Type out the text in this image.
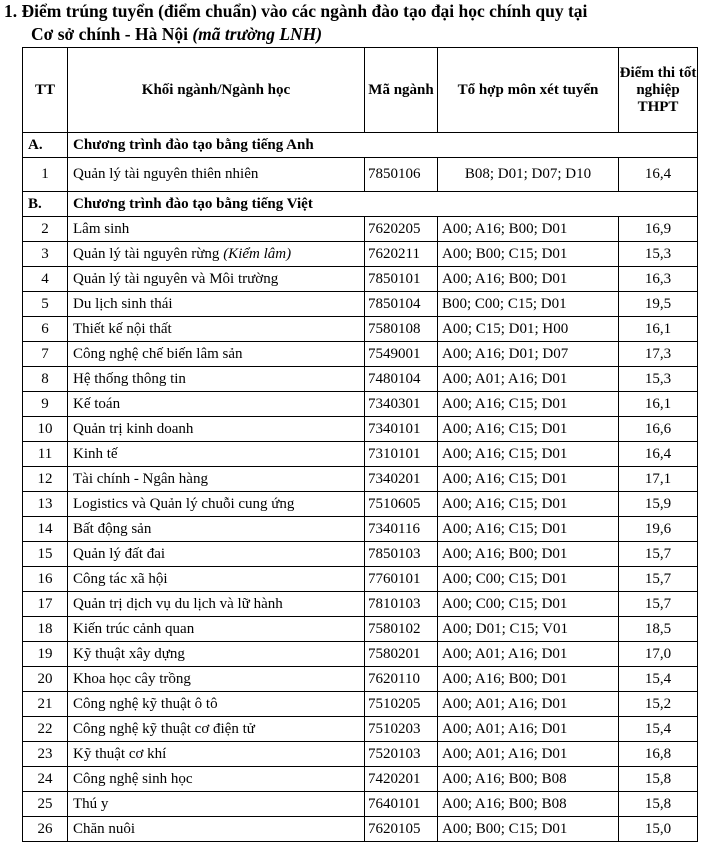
1. Điểm trúng tuyển (điểm chuẩn) vào các ngành đào tạo đại học chính quy tại
Cơ sở chính - Hà Nội (mã trường LNH)
TT	Khối ngành/Ngành học	Mã ngành	Tổ hợp môn xét tuyển	Điểm thi tốt nghiệp THPT
A.	Chương trình đào tạo bằng tiếng Anh			
1	Quản lý tài nguyên thiên nhiên	7850106	B08; D01; D07; D10	16,4
B.	Chương trình đào tạo bằng tiếng Việt			
2	Lâm sinh	7620205	A00; A16; B00; D01	16,9
3	Quản lý tài nguyên rừng (Kiểm lâm)	7620211	A00; B00; C15; D01	15,3
4	Quản lý tài nguyên và Môi trường	7850101	A00; A16; B00; D01	16,3
5	Du lịch sinh thái	7850104	B00; C00; C15; D01	19,5
6	Thiết kế nội thất	7580108	A00; C15; D01; H00	16,1
7	Công nghệ chế biến lâm sản	7549001	A00; A16; D01; D07	17,3
8	Hệ thống thông tin	7480104	A00; A01; A16; D01	15,3
9	Kế toán	7340301	A00; A16; C15; D01	16,1
10	Quản trị kinh doanh	7340101	A00; A16; C15; D01	16,6
11	Kinh tế	7310101	A00; A16; C15; D01	16,4
12	Tài chính - Ngân hàng	7340201	A00; A16; C15; D01	17,1
13	Logistics và Quản lý chuỗi cung ứng	7510605	A00; A16; C15; D01	15,9
14	Bất động sản	7340116	A00; A16; C15; D01	19,6
15	Quản lý đất đai	7850103	A00; A16; B00; D01	15,7
16	Công tác xã hội	7760101	A00; C00; C15; D01	15,7
17	Quản trị dịch vụ du lịch và lữ hành	7810103	A00; C00; C15; D01	15,7
18	Kiến trúc cảnh quan	7580102	A00; D01; C15; V01	18,5
19	Kỹ thuật xây dựng	7580201	A00; A01; A16; D01	17,0
20	Khoa học cây trồng	7620110	A00; A16; B00; D01	15,4
21	Công nghệ kỹ thuật ô tô	7510205	A00; A01; A16; D01	15,2
22	Công nghệ kỹ thuật cơ điện tử	7510203	A00; A01; A16; D01	15,4
23	Kỹ thuật cơ khí	7520103	A00; A01; A16; D01	16,8
24	Công nghệ sinh học	7420201	A00; A16; B00; B08	15,8
25	Thú y	7640101	A00; A16; B00; B08	15,8
26	Chăn nuôi	7620105	A00; B00; C15; D01	15,0
